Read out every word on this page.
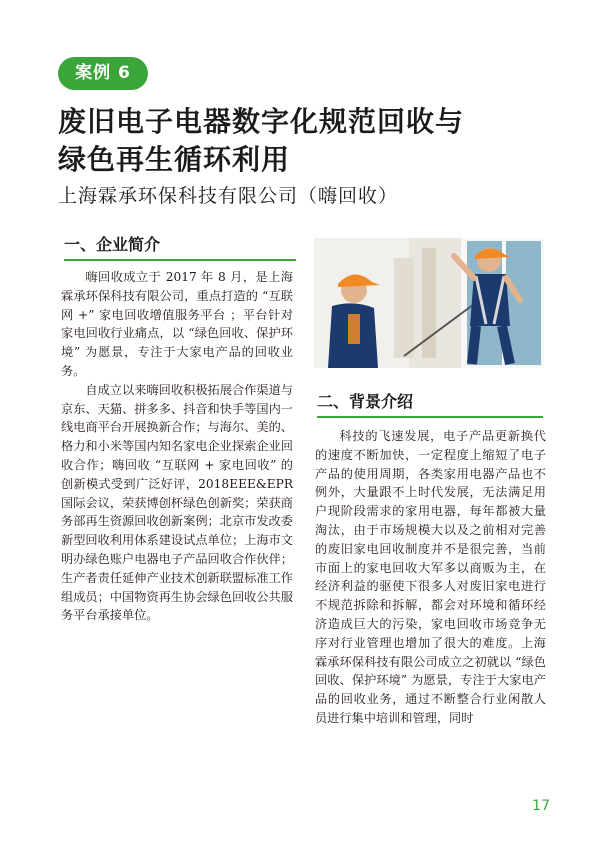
案例 6
废旧电子电器数字化规范回收与
绿色再生循环利用
上海霖承环保科技有限公司（嗨回收）
一、企业简介

嗨回收成立于 2017 年 8 月，是上海霖承环保科技有限公司，重点打造的 “互联网 +” 家电回收增值服务平台 ；平台针对家电回收行业痛点，以 “绿色回收、保护环境” 为愿景，专注于大家电产品的回收业务。

自成立以来嗨回收积极拓展合作渠道与京东、天猫、拼多多、抖音和快手等国内一线电商平台开展换新合作；与海尔、美的、格力和小米等国内知名家电企业探索企业回收合作；嗨回收 “互联网 + 家电回收” 的创新模式受到广泛好评，2018EEE&EPR 国际会议，荣获博创杯绿色创新奖；荣获商务部再生资源回收创新案例；北京市发改委新型回收利用体系建设试点单位；上海市文明办绿色账户电器电子产品回收合作伙伴；生产者责任延伸产业技术创新联盟标准工作组成员；中国物资再生协会绿色回收公共服务平台承接单位。

二、背景介绍

科技的飞速发展，电子产品更新换代的速度不断加快，一定程度上缩短了电子产品的使用周期，各类家用电器产品也不例外，大量跟不上时代发展，无法满足用户现阶段需求的家用电器，每年都被大量淘汰，由于市场规模大以及之前相对完善的废旧家电回收制度并不是很完善，当前市面上的家电回收大军多以商贩为主，在经济利益的驱使下很多人对废旧家电进行不规范拆除和拆解，都会对环境和循环经济造成巨大的污染，家电回收市场竞争无序对行业管理也增加了很大的难度。上海霖承环保科技有限公司成立之初就以 “绿色回收、保护环境” 为愿景，专注于大家电产品的回收业务，通过不断整合行业闲散人员进行集中培训和管理，同时

17
